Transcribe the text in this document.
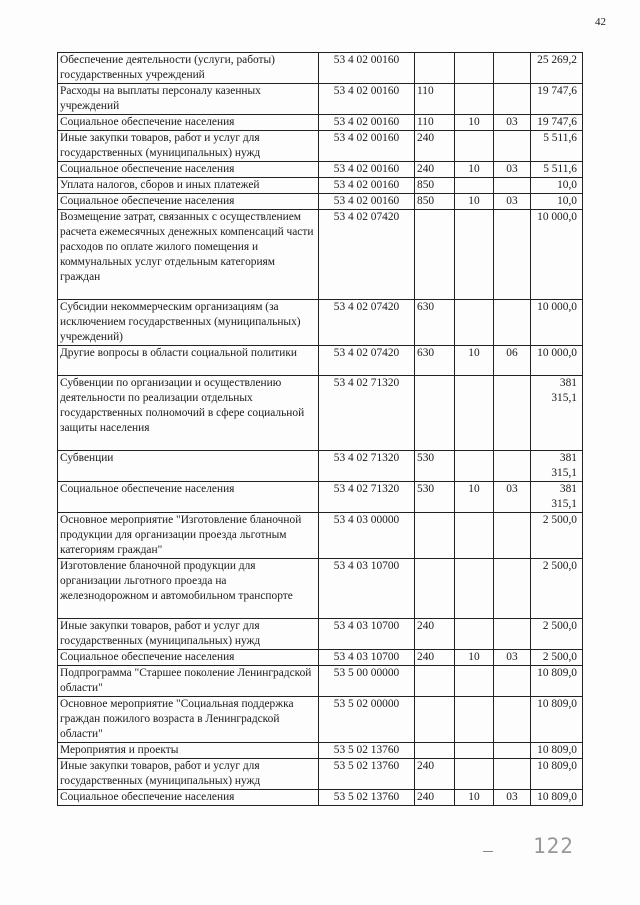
42
Обеспечение деятельности (услуги, работы) государственных учреждений	53 4 02 00160				25 269,2
Расходы на выплаты персоналу казенных учреждений	53 4 02 00160	110			19 747,6
Социальное обеспечение населения	53 4 02 00160	110	10	03	19 747,6
Иные закупки товаров, работ и услуг для государственных (муниципальных) нужд	53 4 02 00160	240			5 511,6
Социальное обеспечение населения	53 4 02 00160	240	10	03	5 511,6
Уплата налогов, сборов и иных платежей	53 4 02 00160	850			10,0
Социальное обеспечение населения	53 4 02 00160	850	10	03	10,0
Возмещение затрат, связанных с осуществлением расчета ежемесячных денежных компенсаций части расходов по оплате жилого помещения и коммунальных услуг отдельным категориям граждан	53 4 02 07420				10 000,0
Субсидии некоммерческим организациям (за исключением государственных (муниципальных) учреждений)	53 4 02 07420	630			10 000,0
Другие вопросы в области социальной политики	53 4 02 07420	630	10	06	10 000,0
Субвенции по организации и осуществлению деятельности по реализации отдельных государственных полномочий в сфере социальной защиты населения	53 4 02 71320				381 315,1
Субвенции	53 4 02 71320	530			381 315,1
Социальное обеспечение населения	53 4 02 71320	530	10	03	381 315,1
Основное мероприятие "Изготовление бланочной продукции для организации проезда льготным категориям граждан"	53 4 03 00000				2 500,0
Изготовление бланочной продукции для организации льготного проезда на железнодорожном и автомобильном транспорте	53 4 03 10700				2 500,0
Иные закупки товаров, работ и услуг для государственных (муниципальных) нужд	53 4 03 10700	240			2 500,0
Социальное обеспечение населения	53 4 03 10700	240	10	03	2 500,0
Подпрограмма "Старшее поколение Ленинградской области"	53 5 00 00000				10 809,0
Основное мероприятие "Социальная поддержка граждан пожилого возраста в Ленинградской области"	53 5 02 00000				10 809,0
Мероприятия и проекты	53 5 02 13760				10 809,0
Иные закупки товаров, работ и услуг для государственных (муниципальных) нужд	53 5 02 13760	240			10 809,0
Социальное обеспечение населения	53 5 02 13760	240	10	03	10 809,0
122
